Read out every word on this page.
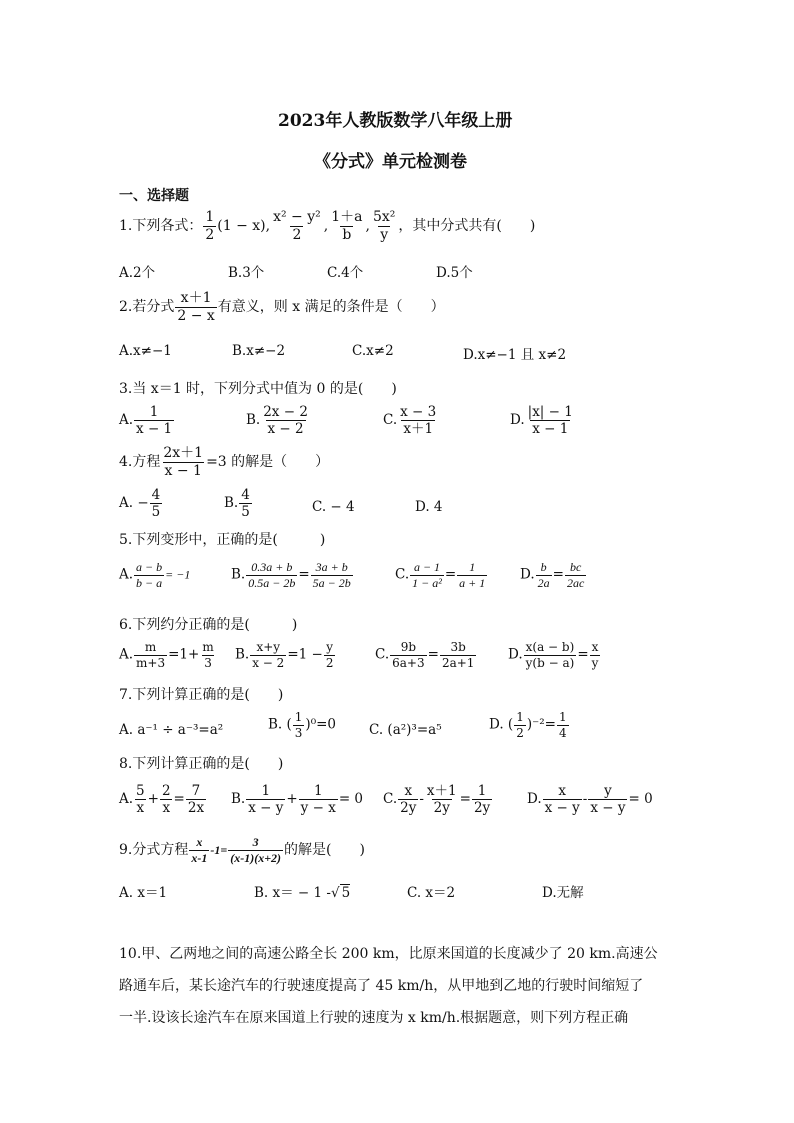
2023年人教版数学八年级上册
《分式》单元检测卷
一、选择题
1.下列各式： $\frac{1}{2} (1 - x)$, $\frac{\text{x² − y²}}{2}$ , $\frac{1+a}{b}$ , $\frac{\text{5x²}}{y}$ ，其中分式共有(　　)
A.2个	B.3个	C.4个	D.5个
2.若分式 $\frac{x+1}{2 - x}$ 有意义，则 x 满足的条件是（　　）
A.x≠−1	B.x≠−2	C.x≠2	D.x≠−1 且 x≠2
3.当 x＝1 时，下列分式中值为 0 的是(　　)
A. $\frac{1}{x - 1}$	B. $\frac{2x - 2}{x - 2}$	C. $\frac{x - 3}{x+1}$	D. $\frac{|x| - 1}{x - 1}$
4.方程 $\frac{2x+1}{x - 1} =3$ 的解是（　　）
A. − $\frac{4}{5}$	B. $\frac{4}{5}$	C. − 4	D. 4
5.下列变形中，正确的是(　　　)
A. $\frac{a - b}{b - a} = -1$	B. $\frac{0.3a + b}{0.5a - 2b} = \frac{3a + b}{5a - 2b}$	C. $\frac{a - 1}{\text{1 − a²}} = \frac{1}{a + 1} D$. $\frac{b}{2a} = \frac{bc}{2ac}$
6.下列约分正确的是(　　　)
A. $\frac{m}{m+3} =1+ \frac{m}{3} B$. $\frac{x+y}{x - 2} =1 - \frac{y}{2}$	C. $\frac{9b}{6a+3} = \frac{3b}{2a+1} D$. $\frac{x(a - b)}{y(b - a)} = \frac{x}{y}$
7.下列计算正确的是(　　)
A. a⁻¹ ÷ a⁻³=a²	B. ( $\frac{1}{3} )^0=0$ C. (a²)³=a⁵	D. ( $\frac{1}{2} )^{-2}= \frac{1}{4}$
8.下列计算正确的是(　　)
A. $\frac{5}{x} + \frac{2}{x} = \frac{7}{2x} B$. $\frac{1}{x - y} + \frac{1}{y - x} = 0$ C. $\frac{x}{2y} - \frac{x+1}{2y} = \frac{1}{2y}$	D. $\frac{x}{x - y} - \frac{y}{x - y} = 0$
9.分式方程 $\frac{x}{x-1} -1= \frac{3}{(x-1)(x+2)}$ 的解是(　　)
A. x＝1	B. x＝ − 1 -√ 5	C. x＝2	D.无解
10.甲、乙两地之间的高速公路全长 200 km，比原来国道的长度减少了 20 km.高速公
路通车后，某长途汽车的行驶速度提高了 45 km/h，从甲地到乙地的行驶时间缩短了
一半.设该长途汽车在原来国道上行驶的速度为 x km/h.根据题意，则下列方程正确
